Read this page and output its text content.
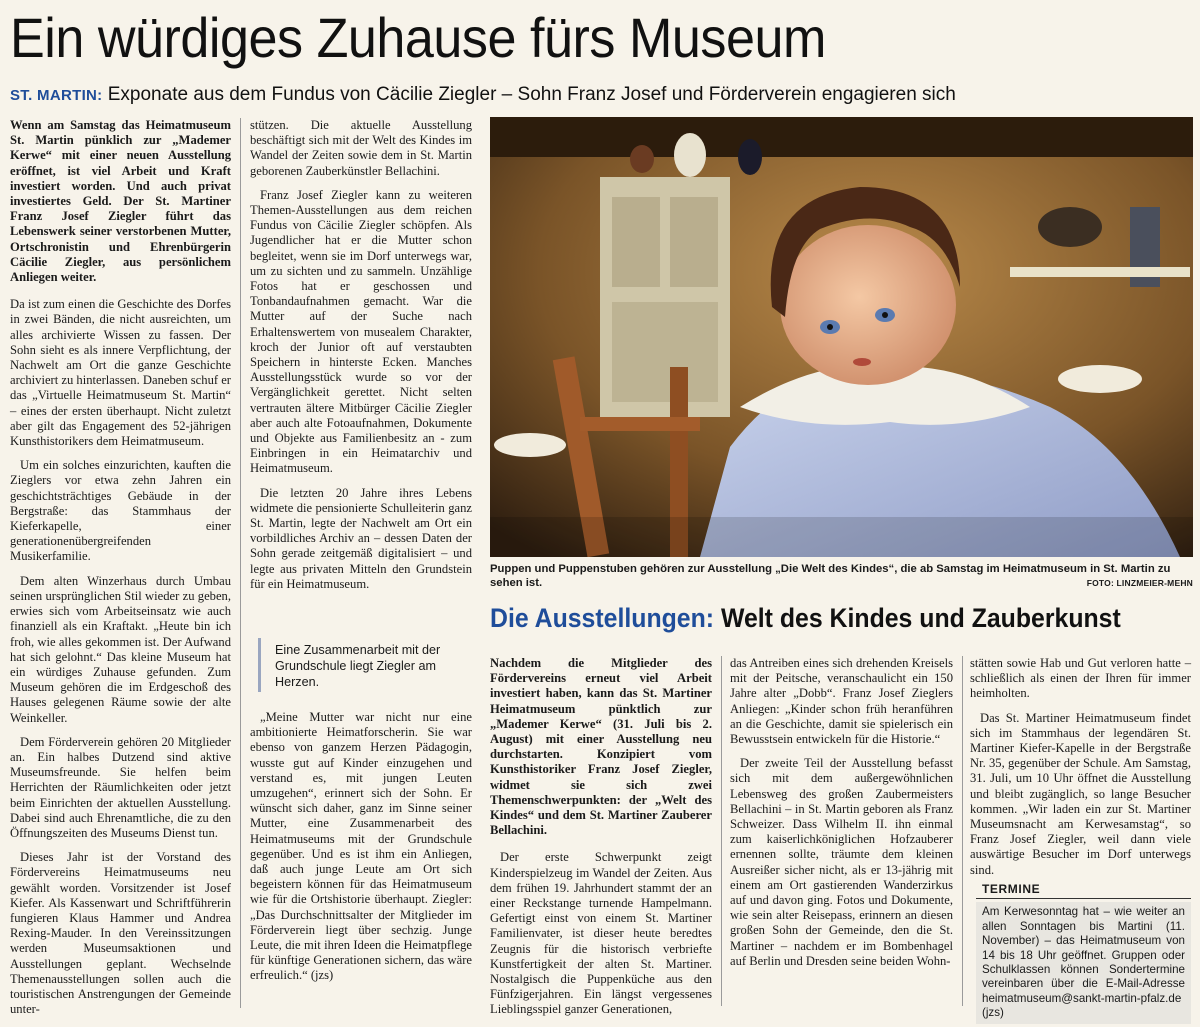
Ein würdiges Zuhause fürs Museum
ST. MARTIN: Exponate aus dem Fundus von Cäcilie Ziegler – Sohn Franz Josef und Förderverein engagieren sich

Wenn am Samstag das Heimatmuseum St. Martin pünklich zur „Mademer Kerwe“ mit einer neuen Ausstellung eröffnet, ist viel Arbeit und Kraft investiert worden. Und auch privat investiertes Geld. Der St. Martiner Franz Josef Ziegler führt das Lebenswerk seiner verstorbenen Mutter, Ortschronistin und Ehrenbürgerin Cäcilie Ziegler, aus persönlichem Anliegen weiter.

Da ist zum einen die Geschichte des Dorfes in zwei Bänden, die nicht ausreichten, um alles archivierte Wissen zu fassen. Der Sohn sieht es als innere Verpflichtung, der Nachwelt am Ort die ganze Geschichte archiviert zu hinterlassen. Daneben schuf er das „Virtuelle Heimatmuseum St. Martin“ – eines der ersten überhaupt. Nicht zuletzt aber gilt das Engagement des 52-jährigen Kunsthistorikers dem Heimatmuseum.

Um ein solches einzurichten, kauften die Zieglers vor etwa zehn Jahren ein geschichtsträchtiges Gebäude in der Bergstraße: das Stammhaus der Kieferkapelle, einer generationenübergreifenden Musikerfamilie.

Dem alten Winzerhaus durch Umbau seinen ursprünglichen Stil wieder zu geben, erwies sich vom Arbeitseinsatz wie auch finanziell als ein Kraftakt. „Heute bin ich froh, wie alles gekommen ist. Der Aufwand hat sich gelohnt.“ Das kleine Museum hat ein würdiges Zuhause gefunden. Zum Museum gehören die im Erdgeschoß des Hauses gelegenen Räume sowie der alte Weinkeller.

Dem Förderverein gehören 20 Mitglieder an. Ein halbes Dutzend sind aktive Museumsfreunde. Sie helfen beim Herrichten der Räumlichkeiten oder jetzt beim Einrichten der aktuellen Ausstellung. Dabei sind auch Ehrenamtliche, die zu den Öffnungszeiten des Museums Dienst tun.

Dieses Jahr ist der Vorstand des Fördervereins Heimatmuseums neu gewählt worden. Vorsitzender ist Josef Kiefer. Als Kassenwart und Schriftführerin fungieren Klaus Hammer und Andrea Rexing-Mauder. In den Vereinssitzungen werden Museumsaktionen und Ausstellungen geplant. Wechselnde Themenausstellungen sollen auch die touristischen Anstrengungen der Gemeinde unter-

stützen. Die aktuelle Ausstellung beschäftigt sich mit der Welt des Kindes im Wandel der Zeiten sowie dem in St. Martin geborenen Zauberkünstler Bellachini.

Franz Josef Ziegler kann zu weiteren Themen-Ausstellungen aus dem reichen Fundus von Cäcilie Ziegler schöpfen. Als Jugendlicher hat er die Mutter schon begleitet, wenn sie im Dorf unterwegs war, um zu sichten und zu sammeln. Unzählige Fotos hat er geschossen und Tonbandaufnahmen gemacht. War die Mutter auf der Suche nach Erhaltenswertem von musealem Charakter, kroch der Junior oft auf verstaubten Speichern in hinterste Ecken. Manches Ausstellungsstück wurde so vor der Vergänglichkeit gerettet. Nicht selten vertrauten ältere Mitbürger Cäcilie Ziegler aber auch alte Fotoaufnahmen, Dokumente und Objekte aus Familienbesitz an - zum Einbringen in ein Heimatarchiv und Heimatmuseum.

Die letzten 20 Jahre ihres Lebens widmete die pensionierte Schulleiterin ganz St. Martin, legte der Nachwelt am Ort ein vorbildliches Archiv an – dessen Daten der Sohn gerade zeitgemäß digitalisiert – und legte aus privaten Mitteln den Grundstein für ein Heimatmuseum.

Eine Zusammenarbeit mit der Grundschule liegt Ziegler am Herzen.

„Meine Mutter war nicht nur eine ambitionierte Heimatforscherin. Sie war ebenso von ganzem Herzen Pädagogin, wusste gut auf Kinder einzugehen und verstand es, mit jungen Leuten umzugehen“, erinnert sich der Sohn. Er wünscht sich daher, ganz im Sinne seiner Mutter, eine Zusammenarbeit des Heimatmuseums mit der Grundschule gegenüber. Und es ist ihm ein Anliegen, daß auch junge Leute am Ort sich begeistern können für das Heimatmuseum wie für die Ortshistorie überhaupt. Ziegler: „Das Durchschnittsalter der Mitglieder im Förderverein liegt über sechzig. Junge Leute, die mit ihren Ideen die Heimatpflege für künftige Generationen sichern, das wäre erfreulich.“ (jzs)

Puppen und Puppenstuben gehören zur Ausstellung „Die Welt des Kindes“, die ab Samstag im Heimatmuseum in St. Martin zu sehen ist.	FOTO: LINZMEIER-MEHN
Die Ausstellungen: Welt des Kindes und Zauberkunst

Nachdem die Mitglieder des Fördervereins erneut viel Arbeit investiert haben, kann das St. Martiner Heimatmuseum pünktlich zur „Mademer Kerwe“ (31. Juli bis 2. August) mit einer Ausstellung neu durchstarten. Konzipiert vom Kunsthistoriker Franz Josef Ziegler, widmet sie sich zwei Themenschwerpunkten: der „Welt des Kindes“ und dem St. Martiner Zauberer Bellachini.

Der erste Schwerpunkt zeigt Kinderspielzeug im Wandel der Zeiten. Aus dem frühen 19. Jahrhundert stammt der an einer Reckstange turnende Hampelmann. Gefertigt einst von einem St. Martiner Familienvater, ist dieser heute beredtes Zeugnis für die historisch verbriefte Kunstfertigkeit der alten St. Martiner. Nostalgisch die Puppenküche aus den Fünfzigerjahren. Ein längst vergessenes Lieblingsspiel ganzer Generationen,

das Antreiben eines sich drehenden Kreisels mit der Peitsche, veranschaulicht ein 150 Jahre alter „Dobb“. Franz Josef Zieglers Anliegen: „Kinder schon früh heranführen an die Geschichte, damit sie spielerisch ein Bewusstsein entwickeln für die Historie.“

Der zweite Teil der Ausstellung befasst sich mit dem außergewöhnlichen Lebensweg des großen Zaubermeisters Bellachini – in St. Martin geboren als Franz Schweizer. Dass Wilhelm II. ihn einmal zum kaiserlichköniglichen Hofzauberer ernennen sollte, träumte dem kleinen Ausreißer sicher nicht, als er 13-jährig mit einem am Ort gastierenden Wanderzirkus auf und davon ging. Fotos und Dokumente, wie sein alter Reisepass, erinnern an diesen großen Sohn der Gemeinde, den die St. Martiner – nachdem er im Bombenhagel auf Berlin und Dresden seine beiden Wohn-

stätten sowie Hab und Gut verloren hatte – schließlich als einen der Ihren für immer heimholten.

Das St. Martiner Heimatmuseum findet sich im Stammhaus der legendären St. Martiner Kiefer-Kapelle in der Bergstraße Nr. 35, gegenüber der Schule. Am Samstag, 31. Juli, um 10 Uhr öffnet die Ausstellung und bleibt zugänglich, so lange Besucher kommen. „Wir laden ein zur St. Martiner Museumsnacht am Kerwesamstag“, so Franz Josef Ziegler, weil dann viele auswärtige Besucher im Dorf unterwegs sind.

TERMINE
Am Kerwesonntag hat – wie weiter an allen Sonntagen bis Martini (11. November) – das Heimatmuseum von 14 bis 18 Uhr geöffnet. Gruppen oder Schulklassen können Sondertermine vereinbaren über die E-Mail-Adresse heimatmuseum@sankt-martin-pfalz.de (jzs)
